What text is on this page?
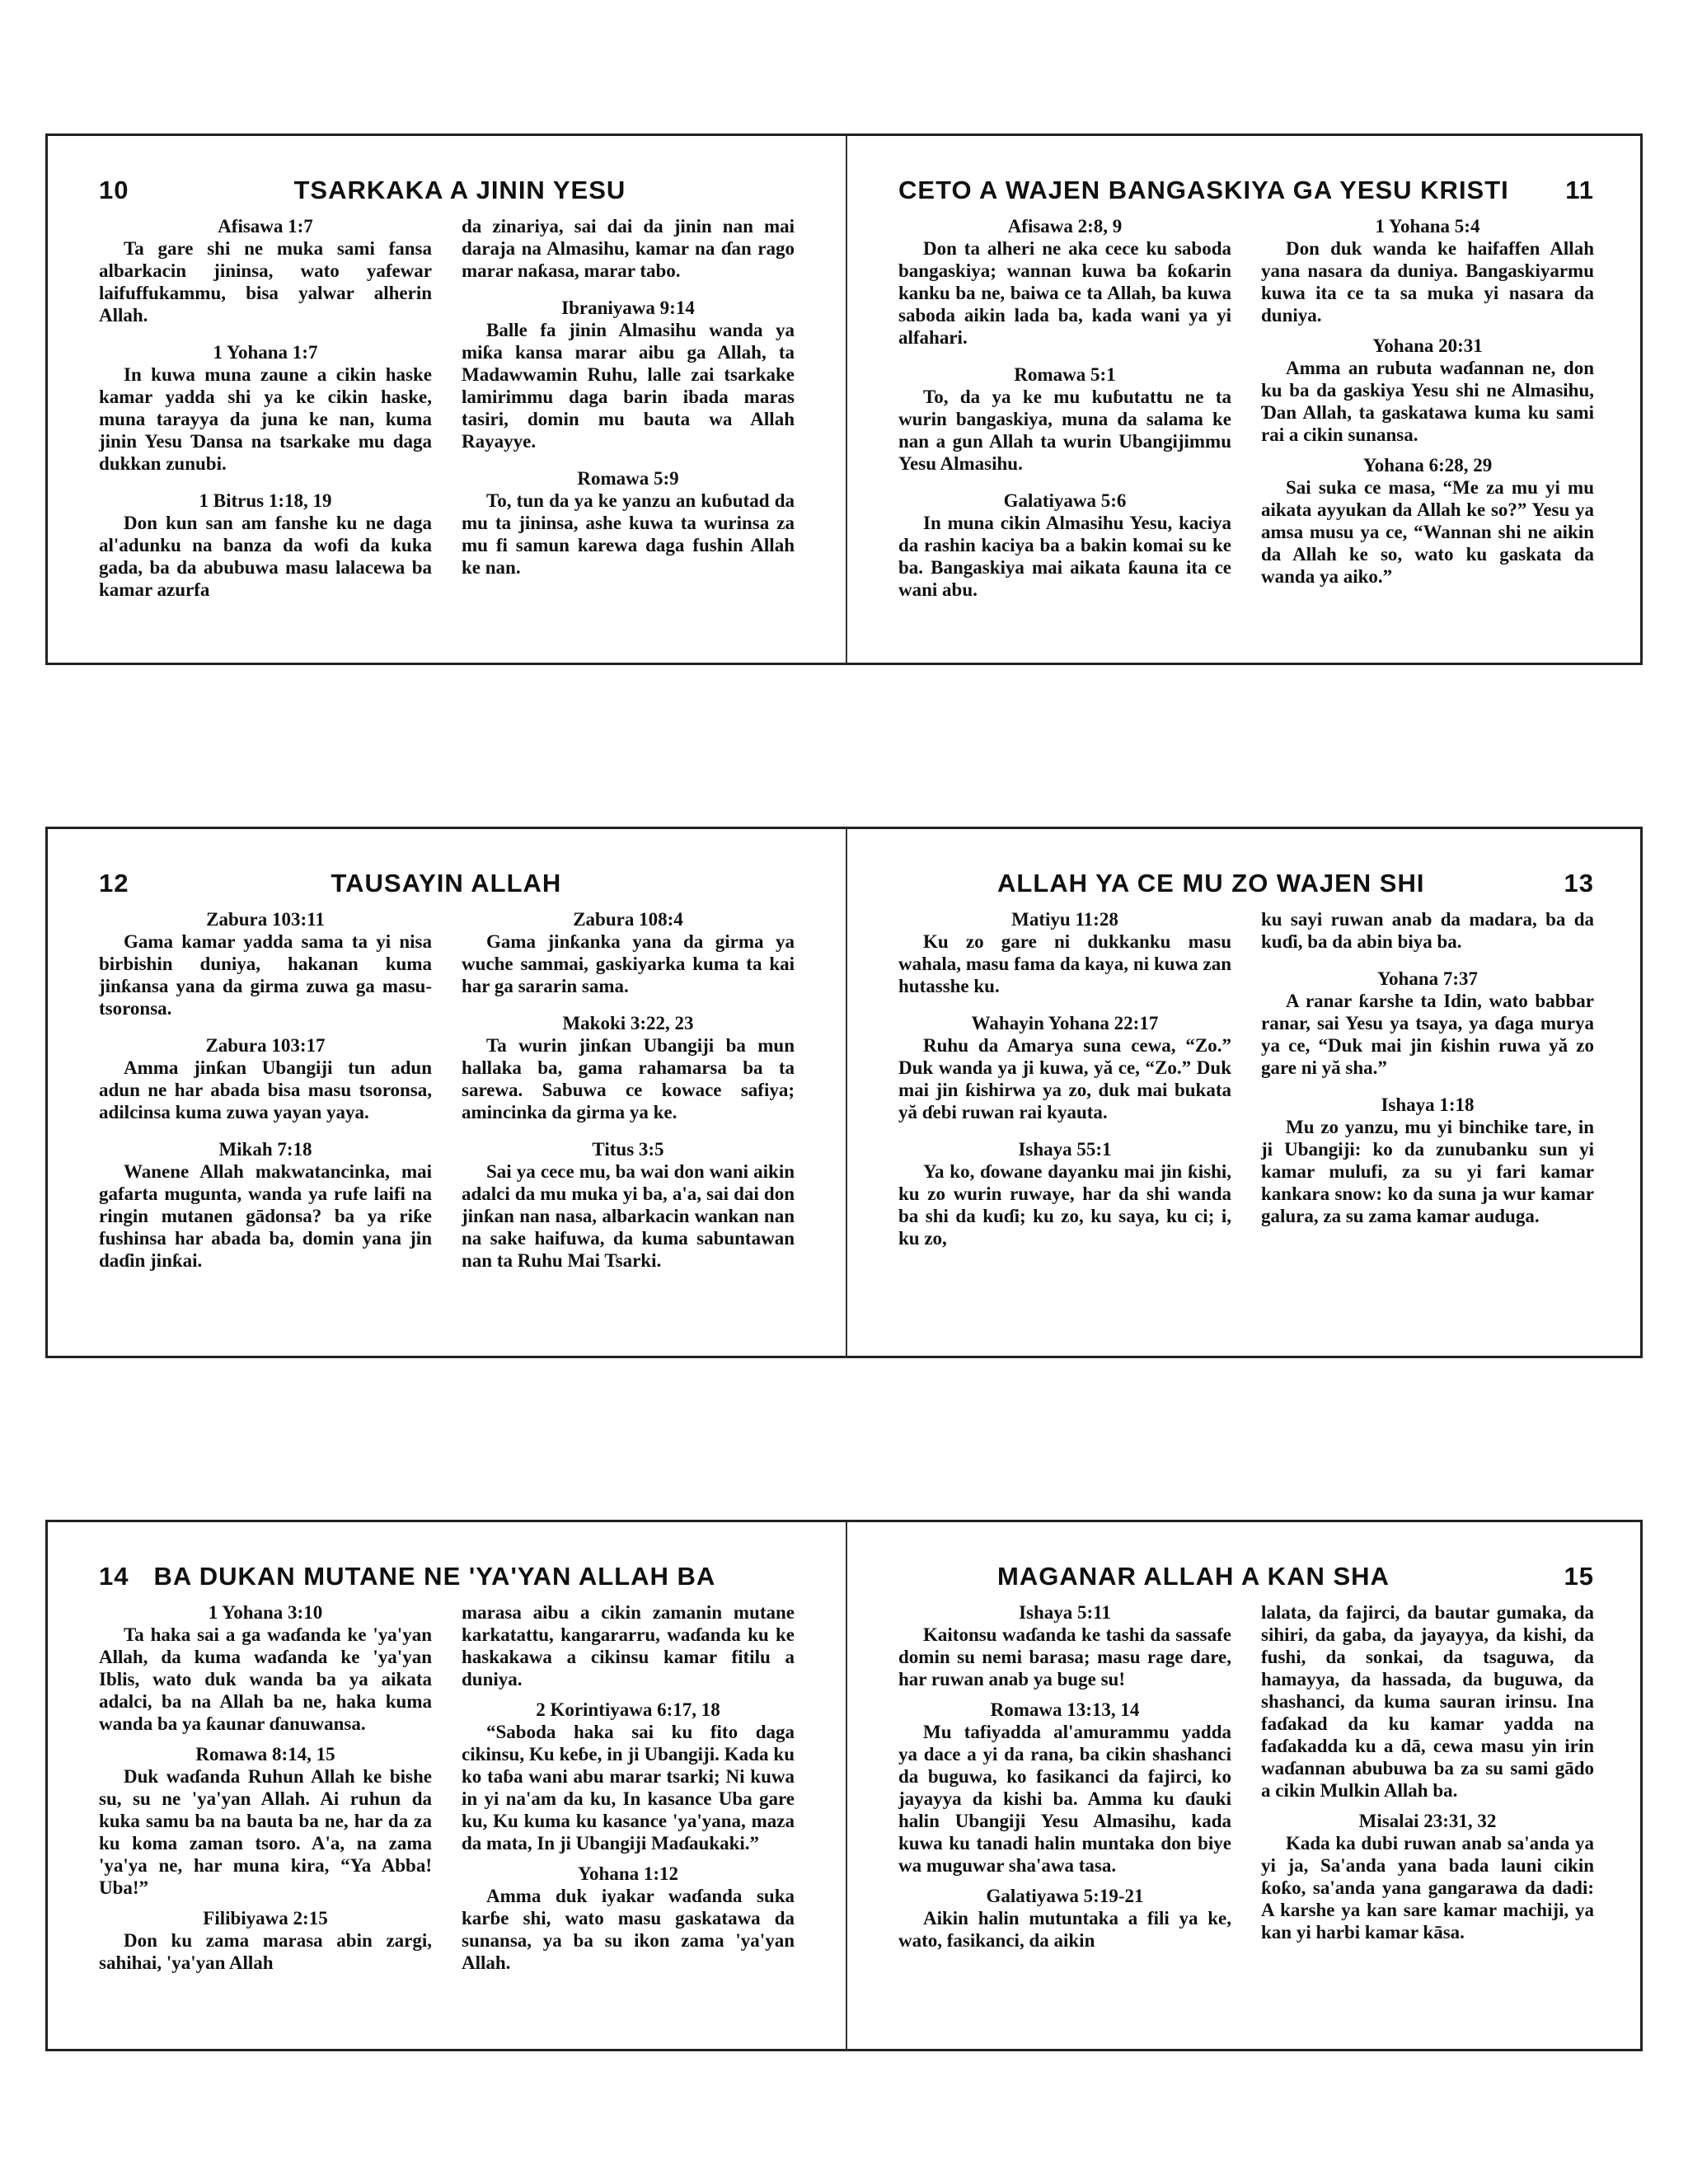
10	TSARKAKA A JININ YESU
Afisawa 1:7

Ta gare shi ne muka sami fansa albarkacin jininsa, wato yafewar laifuffukammu, bisa yalwar alherin Allah.

1 Yohana 1:7

In kuwa muna zaune a cikin haske kamar yadda shi ya ke cikin haske, muna tarayya da juna ke nan, kuma jinin Yesu Ɗansa na tsarkake mu daga dukkan zunubi.

1 Bitrus 1:18, 19

Don kun san am fanshe ku ne daga al'adunku na banza da wofi da kuka gada, ba da abubuwa masu lalacewa ba kamar azurfa

da zinariya, sai dai da jinin nan mai daraja na Almasihu, kamar na ɗan rago marar naƙasa, marar tabo.

Ibraniyawa 9:14

Balle fa jinin Almasihu wanda ya miƙa kansa marar aibu ga Allah, ta Madawwamin Ruhu, lalle zai tsarkake lamirimmu daga barin ibada maras tasiri, domin mu bauta wa Allah Rayayye.

Romawa 5:9

To, tun da ya ke yanzu an kuɓutad da mu ta jininsa, ashe kuwa ta wurinsa za mu fi samun karewa daga fushin Allah ke nan.

CETO A WAJEN BANGASKIYA GA YESU KRISTI 11
Afisawa 2:8, 9

Don ta alheri ne aka cece ku saboda bangaskiya; wannan kuwa ba ƙoƙarin kanku ba ne, baiwa ce ta Allah, ba kuwa saboda aikin lada ba, kada wani ya yi alfahari.

Romawa 5:1

To, da ya ke mu kuɓutattu ne ta wurin bangaskiya, muna da salama ke nan a gun Allah ta wurin Ubangijimmu Yesu Almasihu.

Galatiyawa 5:6

In muna cikin Almasihu Yesu, kaciya da rashin kaciya ba a bakin komai su ke ba. Bangaskiya mai aikata ƙauna ita ce wani abu.

1 Yohana 5:4

Don duk wanda ke haifaffen Allah yana nasara da duniya. Bangaskiyarmu kuwa ita ce ta sa muka yi nasara da duniya.

Yohana 20:31

Amma an rubuta waɗannan ne, don ku ba da gaskiya Yesu shi ne Almasihu, Ɗan Allah, ta gaskatawa kuma ku sami rai a cikin sunansa.

Yohana 6:28, 29

Sai suka ce masa, “Me za mu yi mu aikata ayyukan da Allah ke so?” Yesu ya amsa musu ya ce, “Wannan shi ne aikin da Allah ke so, wato ku gaskata da wanda ya aiko.”

12	TAUSAYIN ALLAH
Zabura 103:11

Gama kamar yadda sama ta yi nisa birbishin duniya, hakanan kuma jinƙansa yana da girma zuwa ga masu-tsoronsa.

Zabura 103:17

Amma jinƙan Ubangiji tun adun adun ne har abada bisa masu tsoronsa, adilcinsa kuma zuwa yayan yaya.

Mikah 7:18

Wanene Allah makwatancinka, mai gafarta mugunta, wanda ya rufe laifi na ringin mutanen gādonsa? ba ya riƙe fushinsa har abada ba, domin yana jin daɗin jinƙai.

Zabura 108:4

Gama jinƙanka yana da girma ya wuche sammai, gaskiyarka kuma ta kai har ga sararin sama.

Makoki 3:22, 23

Ta wurin jinƙan Ubangiji ba mun hallaka ba, gama rahamarsa ba ta sarewa. Sabuwa ce kowace safiya; amincinka da girma ya ke.

Titus 3:5

Sai ya cece mu, ba wai don wani aikin adalci da mu muka yi ba, a'a, sai dai don jinƙan nan nasa, albarkacin wankan nan na sake haifuwa, da kuma sabuntawan nan ta Ruhu Mai Tsarki.

ALLAH YA CE MU ZO WAJEN SHI	13
Matiyu 11:28

Ku zo gare ni dukkanku masu wahala, masu fama da kaya, ni kuwa zan hutasshe ku.

Wahayin Yohana 22:17

Ruhu da Amarya suna cewa, “Zo.” Duk wanda ya ji kuwa, yă ce, “Zo.” Duk mai jin ƙishirwa ya zo, duk mai bukata yă ɗebi ruwan rai kyauta.

Ishaya 55:1

Ya ko, ɗowane dayanku mai jin ƙishi, ku zo wurin ruwaye, har da shi wanda ba shi da kuɗi; ku zo, ku saya, ku ci; i, ku zo,

ku sayi ruwan anab da madara, ba da kuɗi, ba da abin biya ba.

Yohana 7:37

A ranar ƙarshe ta Idin, wato babbar ranar, sai Yesu ya tsaya, ya ɗaga murya ya ce, “Duk mai jin ƙishin ruwa yă zo gare ni yă sha.”

Ishaya 1:18

Mu zo yanzu, mu yi binchike tare, in ji Ubangiji: ko da zunubanku sun yi kamar mulufi, za su yi fari kamar kankara snow: ko da suna ja wur kamar galura, za su zama kamar auduga.

14 BA DUKAN MUTANE NE 'YA'YAN ALLAH BA
1 Yohana 3:10

Ta haka sai a ga waɗanda ke 'ya'yan Allah, da kuma waɗanda ke 'ya'yan Iblis, wato duk wanda ba ya aikata adalci, ba na Allah ba ne, haka kuma wanda ba ya ƙaunar ɗanuwansa.

Romawa 8:14, 15

Duk waɗanda Ruhun Allah ke bishe su, su ne 'ya'yan Allah. Ai ruhun da kuka samu ba na bauta ba ne, har da za ku koma zaman tsoro. A'a, na zama 'ya'ya ne, har muna kira, “Ya Abba! Uba!”

Filibiyawa 2:15

Don ku zama marasa abin zargi, sahihai, 'ya'yan Allah

marasa aibu a cikin zamanin mutane karkatattu, kangararru, waɗanda ku ke haskakawa a cikinsu kamar fitilu a duniya.

2 Korintiyawa 6:17, 18

“Saboda haka sai ku fito daga cikinsu, Ku keɓe, in ji Ubangiji. Kada ku ko taɓa wani abu marar tsarki; Ni kuwa in yi na'am da ku, In kasance Uba gare ku, Ku kuma ku kasance 'ya'yana, maza da mata, In ji Ubangiji Maɗaukaki.”

Yohana 1:12

Amma duk iyakar waɗanda suka karɓe shi, wato masu gaskatawa da sunansa, ya ba su ikon zama 'ya'yan Allah.

MAGANAR ALLAH A KAN SHA	15
Ishaya 5:11

Kaitonsu waɗanda ke tashi da sassafe domin su nemi barasa; masu rage dare, har ruwan anab ya buge su!

Romawa 13:13, 14

Mu tafiyadda al'amurammu yadda ya dace a yi da rana, ba cikin shashanci da buguwa, ko fasikanci da fajirci, ko jayayya da kishi ba. Amma ku ɗauki halin Ubangiji Yesu Almasihu, kada kuwa ku tanadi halin muntaka don biye wa muguwar sha'awa tasa.

Galatiyawa 5:19-21

Aikin halin mutuntaka a fili ya ke, wato, fasikanci, da aikin

lalata, da fajirci, da bautar gumaka, da sihiri, da gaba, da jayayya, da kishi, da fushi, da sonkai, da tsaguwa, da hamayya, da hassada, da buguwa, da shashanci, da kuma sauran irinsu. Ina faɗakad da ku kamar yadda na faɗakadda ku a dā, cewa masu yin irin waɗannan abubuwa ba za su sami gādo a cikin Mulkin Allah ba.

Misalai 23:31, 32

Kada ka dubi ruwan anab sa'anda ya yi ja, Sa'anda yana bada launi cikin ƙoƙo, sa'anda yana gangarawa da dadi: A karshe ya kan sare kamar machiji, ya kan yi harbi kamar kāsa.
